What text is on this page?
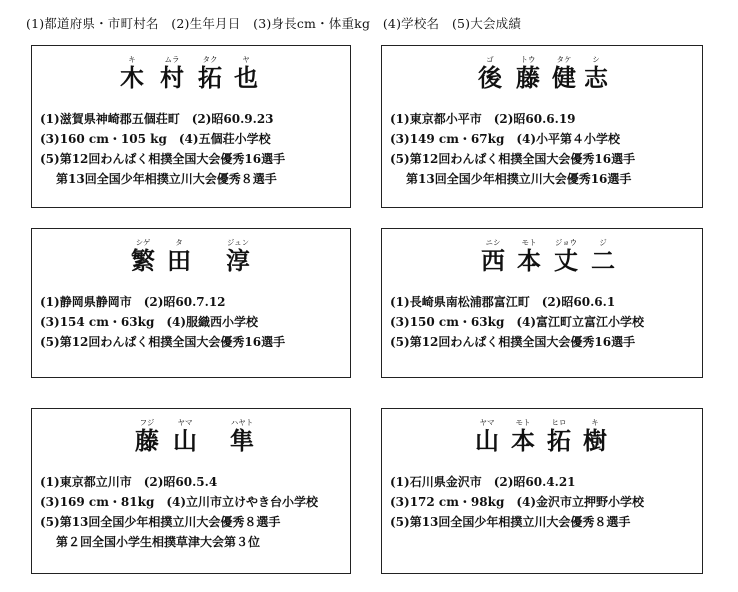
(1)都道府県・市町村名　(2)生年月日　(3)身長cm・体重kg　(4)学校名　(5)大会成績
キ	ムラ	タク	ヤ
木 村 拓 也
(1)滋賀県神崎郡五個荘町　(2)昭60.9.23
(3)160 cm・105 kg　(4)五個荘小学校
(5)第12回わんぱく相撲全国大会優秀16選手
第13回全国少年相撲立川大会優秀８選手
ゴ	トウ	タケ	シ
後 藤 健 志
(1)東京都小平市　(2)昭60.6.19
(3)149 cm・67kg　(4)小平第４小学校
(5)第12回わんぱく相撲全国大会優秀16選手
第13回全国少年相撲立川大会優秀16選手
シゲ	タ	ジュン
繁 田 淳
(1)静岡県静岡市　(2)昭60.7.12
(3)154 cm・63kg　(4)服織西小学校
(5)第12回わんぱく相撲全国大会優秀16選手
ニシ	モト ジョウ	ジ
西 本 丈 二
(1)長崎県南松浦郡富江町　(2)昭60.6.1
(3)150 cm・63kg　(4)富江町立富江小学校
(5)第12回わんぱく相撲全国大会優秀16選手
フジ	ヤマ	ハヤト
藤 山 隼
(1)東京都立川市　(2)昭60.5.4
(3)169 cm・81kg　(4)立川市立けやき台小学校
(5)第13回全国少年相撲立川大会優秀８選手
第２回全国小学生相撲草津大会第３位
ヤマ	モト	ヒロ	キ
山 本 拓 樹
(1)石川県金沢市　(2)昭60.4.21
(3)172 cm・98kg　(4)金沢市立押野小学校
(5)第13回全国少年相撲立川大会優秀８選手
